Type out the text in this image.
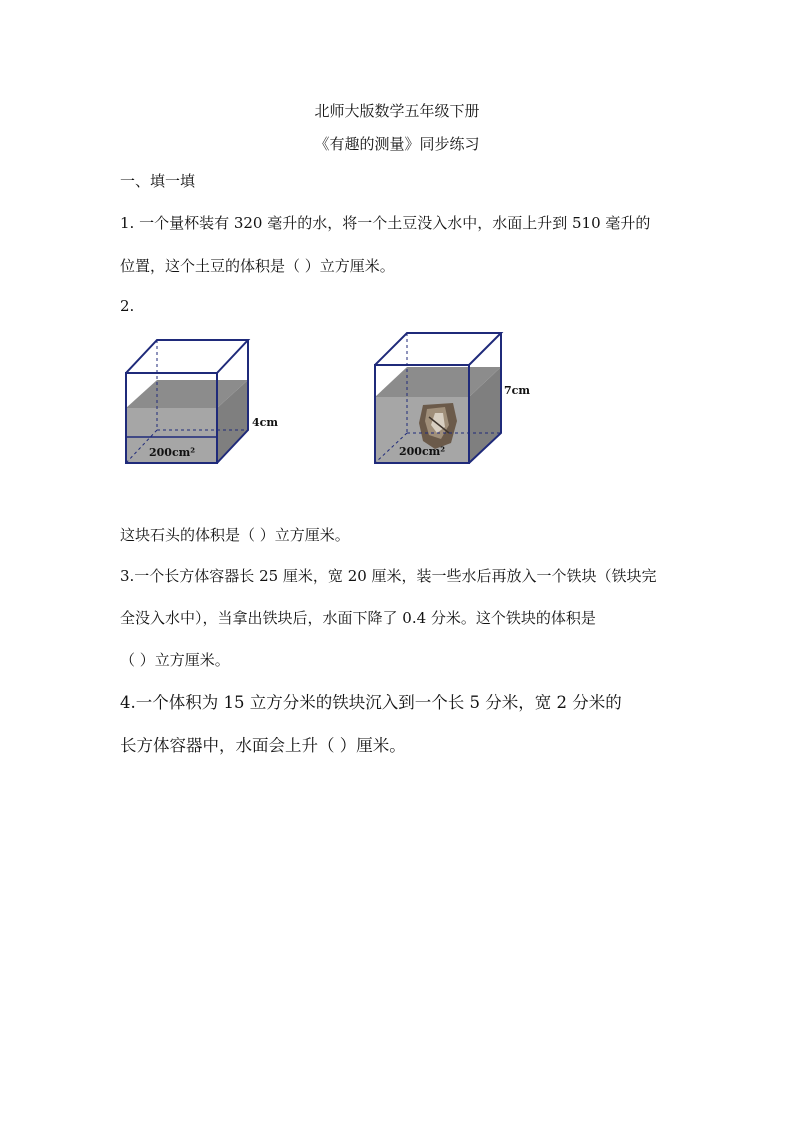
北师大版数学五年级下册
《有趣的测量》同步练习
一、填一填
1. 一个量杯装有 320 毫升的水，将一个土豆没入水中，水面上升到 510 毫升的
位置，这个土豆的体积是（ ）立方厘米。
2.
200cm²
4cm
200cm²
7cm
这块石头的体积是（ ）立方厘米。
3.一个长方体容器长 25 厘米，宽 20 厘米，装一些水后再放入一个铁块（铁块完
全没入水中），当拿出铁块后，水面下降了 0.4 分米。这个铁块的体积是
（ ）立方厘米。
4.一个体积为 15 立方分米的铁块沉入到一个长 5 分米，宽 2 分米的
长方体容器中，水面会上升（ ）厘米。
